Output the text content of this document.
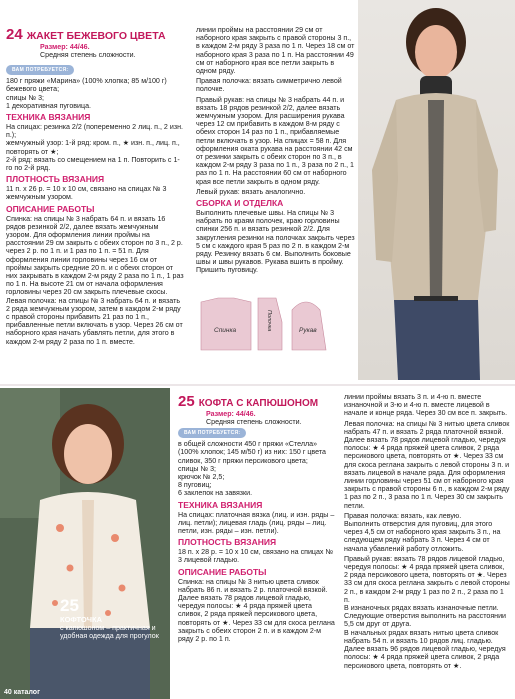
24 ЖАКЕТ БЕЖЕВОГО ЦВЕТА

Размер: 44/46.

Средняя степень сложности.

ВАМ ПОТРЕБУЕТСЯ:

180 г пряжи «Марина» (100% хлопка; 85 м/100 г) бежевого цвета;

спицы № 3;

1 декоративная пуговица.

ТЕХНИКА ВЯЗАНИЯ

На спицах: резинка 2/2 (попеременно 2 лиц. п., 2 изн. п.);

жемчужный узор: 1-й ряд: кром. п., ★ изн. п., лиц. п., повторять от ★;

2-й ряд: вязать со смещением на 1 п. Повторить с 1-го по 2-й ряд.

ПЛОТНОСТЬ ВЯЗАНИЯ

11 п. х 26 р. = 10 х 10 см, связано на спицах № 3 жемчужным узором.

ОПИСАНИЕ РАБОТЫ

Спинка: на спицы № 3 набрать 64 п. и вязать 16 рядов резинкой 2/2, далее вязать жемчужным узором. Для оформления линии проймы на расстоянии 29 см закрыть с обеих сторон по 3 п., 2 р. через 2 р. по 1 п. и 1 раз по 1 п. = 51 п. Для оформления линии горловины через 16 см от проймы закрыть средние 20 п. и с обеих сторон от них закрывать в каждом 2-м ряду 2 раза по 1 п., 1 раз по 1 п. На высоте 21 см от начала оформления горловины через 20 см закрыть плечевые скосы.

Левая полочка: на спицы № 3 набрать 64 п. и вязать 2 ряда жемчужным узором, затем в каждом 2-м ряду с правой стороны прибавить 21 раз по 1 п., прибавленные петли включать в узор. Через 26 см от наборного края начать убавлять петли, для этого в каждом 2-м ряду 2 раза по 1 п. вместе.

линии проймы на расстоянии 29 см от наборного края закрыть с правой стороны 3 п., в каждом 2-м ряду 3 раза по 1 п. Через 18 см от наборного края 3 раза по 1 п. На расстоянии 49 см от наборного края все петли закрыть в одном ряду.

Правая полочка: вязать симметрично левой полочке.

Правый рукав: на спицы № 3 набрать 44 п. и вязать 18 рядов резинкой 2/2, далее вязать жемчужным узором. Для расширения рукава через 12 см прибавить в каждом 8-м ряду с обеих сторон 14 раз по 1 п., прибавляемые петли включать в узор. На спицах = 58 п. Для оформления оката рукава на расстоянии 42 см от резинки закрыть с обеих сторон по 3 п., в каждом 2-м ряду 3 раза по 1 п., 3 раза по 2 п., 1 раз по 1 п. На расстоянии 60 см от наборного края все петли закрыть в одном ряду.

Левый рукав: вязать аналогично.

СБОРКА И ОТДЕЛКА

Выполнить плечевые швы. На спицы № 3 набрать по краям полочек, краю горловины спинки 256 п. и вязать резинкой 2/2. Для закругления резинки на полочках закрыть через 5 см с каждого края 5 раз по 2 п. в каждом 2-м ряду. Резинку вязать 6 см. Выполнить боковые швы и швы рукавов. Рукава вшить в пройму. Пришить пуговицу.

Спинка	Полочка	Рукав
25
КОФТОЧКА
с капюшоном – практичная и удобная одежда для прогулок
25 КОФТА С КАПЮШОНОМ

Размер: 44/46.

Средняя степень сложности.

ВАМ ПОТРЕБУЕТСЯ:

в общей сложности 450 г пряжи «Стелла» (100% хлопок; 145 м/50 г) из них: 150 г цвета сливок, 350 г пряжи персикового цвета;

спицы № 3;

крючок № 2,5;

8 пуговиц;

6 заклепок на завязки.

ТЕХНИКА ВЯЗАНИЯ

На спицах: платочная вязка (лиц. и изн. ряды – лиц. петли); лицевая гладь (лиц. ряды – лиц. петли, изн. ряды – изн. петли).

ПЛОТНОСТЬ ВЯЗАНИЯ

18 п. х 28 р. = 10 х 10 см, связано на спицах № 3 лицевой гладью.

ОПИСАНИЕ РАБОТЫ

Спинка: на спицы № 3 нитью цвета сливок набрать 86 п. и вязать 2 р. платочной вязкой. Далее вязать 78 рядов лицевой гладью, чередуя полосы: ★ 4 ряда пряжей цвета сливок, 2 ряда пряжей персикового цвета, повторять от ★. Через 33 см для скоса реглана закрыть с обеих сторон 2 п. и в каждом 2-м ряду 2 р. по 1 п.

линии проймы вязать 3 п. и 4-ю п. вместе изнаночной и 3-ю и 4-ю п. вместе лицевой в начале и конце ряда. Через 30 см все п. закрыть.

Левая полочка: на спицы № 3 нитью цвета сливок набрать 47 п. и вязать 2 ряда платочной вязкой.

Далее вязать 78 рядов лицевой гладью, чередуя полосы: ★ 4 ряда пряжей цвета сливок, 2 ряда персикового цвета, повторять от ★. Через 33 см для скоса реглана закрыть с левой стороны 3 п. и вязать лицевой в начале ряда. Для оформления линии горловины через 51 см от наборного края закрыть с правой стороны 6 п., в каждом 2-м ряду 1 раз по 2 п., 3 раза по 1 п. Через 30 см закрыть петли.

Правая полочка: вязать, как левую.

Выполнить отверстия для пуговиц, для этого через 4,5 см от наборного края закрыть 3 п., на следующем ряду набрать 3 п. Через 4 см от начала убавлений работу отложить.

Правый рукав: вязать 78 рядов лицевой гладью, чередуя полосы: ★ 4 ряда пряжей цвета сливок, 2 ряда персикового цвета, повторять от ★. Через 33 см для скоса реглана закрыть с левой стороны 2 п., в каждом 2-м ряду 1 раз по 2 п., 2 раза по 1 п.

В изнаночных рядах вязать изнаночные петли. Следующие отверстия выполнить на расстоянии 5,5 см друг от друга.

В начальных рядах вязать нитью цвета сливок набрать 54 п. и вязать 10 рядов лиц. гладью. Далее вязать 96 рядов лицевой гладью, чередуя полосы: ★ 4 ряда пряжей цвета сливок, 2 ряда персикового цвета, повторять от ★.

40 каталог
